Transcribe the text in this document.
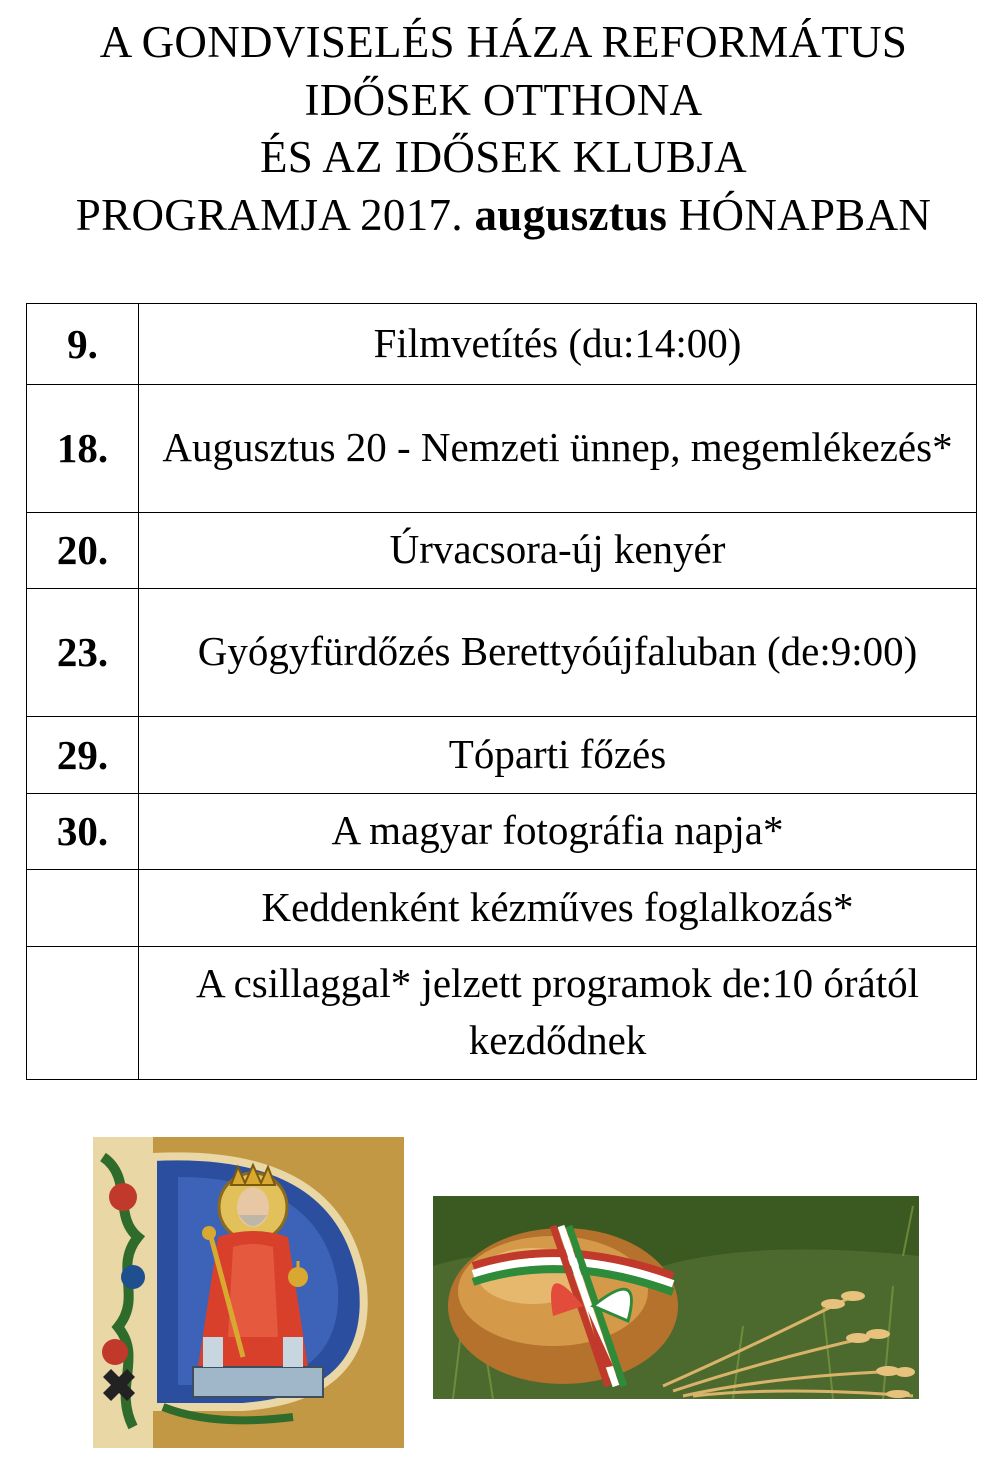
A GONDVISELÉS HÁZA REFORMÁTUS
IDŐSEK OTTHONA
ÉS AZ IDŐSEK KLUBJA
PROGRAMJA 2017. augusztus HÓNAPBAN
9.	Filmvetítés (du:14:00)
18.	Augusztus 20 - Nemzeti ünnep, megemlékezés*
20.	Úrvacsora-új kenyér
23.	Gyógyfürdőzés Berettyóújfaluban (de:9:00)
29.	Tóparti főzés
30.	A magyar fotográfia napja*
	Keddenként kézműves foglalkozás*
	A csillaggal* jelzett programok de:10 órától kezdődnek
